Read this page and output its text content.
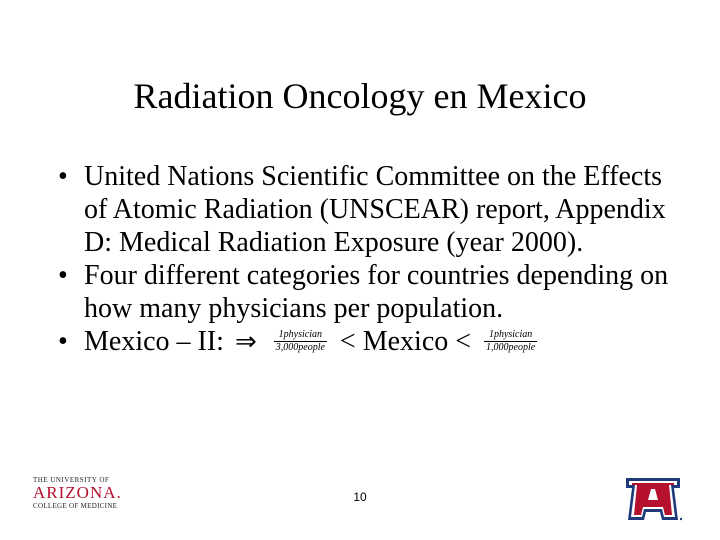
Radiation Oncology en Mexico
• United Nations Scientific Committee on the Effects of Atomic Radiation (UNSCEAR) report, Appendix D: Medical Radiation Exposure (year 2000).
• Four different categories for countries depending on how many physicians per population.
• Mexico – II: ⇒ $\frac{\text{1physician}}{\text{3,000people}}$ < Mexico < $\frac{\text{1physician}}{\text{1,000people}}$
THE UNIVERSITY OF
ARIZONA.
COLLEGE OF MEDICINE
10
